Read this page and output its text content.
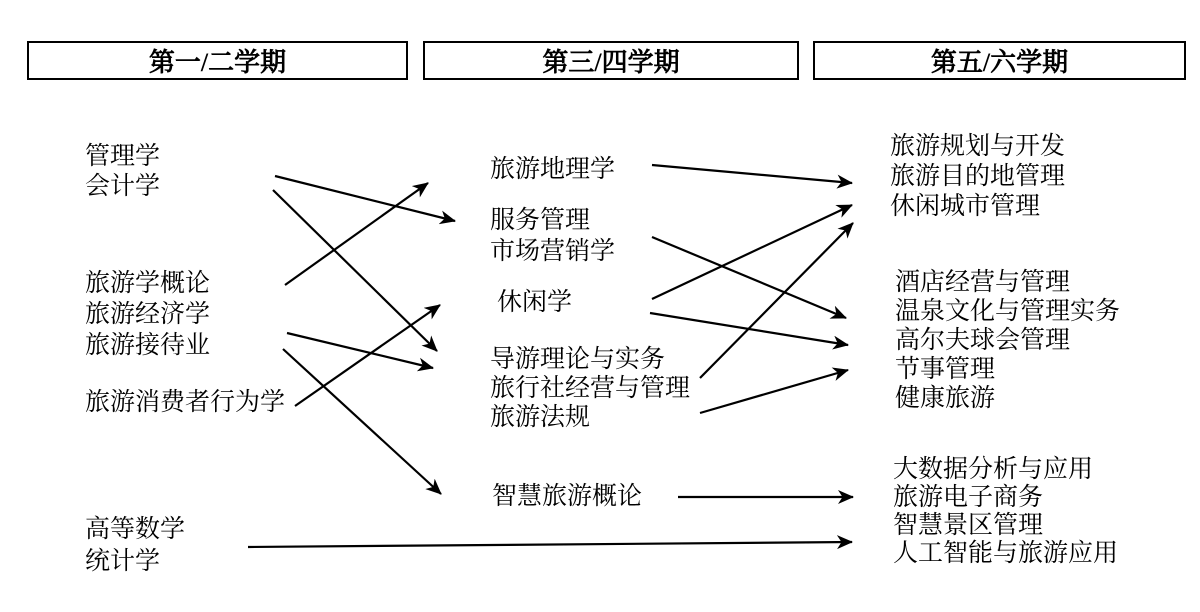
第一/二学期	第三/四学期	第五/六学期
管理学
会计学
旅游学概论
旅游经济学
旅游接待业
旅游消费者行为学
高等数学
统计学
旅游地理学
服务管理
市场营销学
休闲学
导游理论与实务
旅行社经营与管理
旅游法规
智慧旅游概论
旅游规划与开发
旅游目的地管理
休闲城市管理
酒店经营与管理
温泉文化与管理实务
高尔夫球会管理
节事管理
健康旅游
大数据分析与应用
旅游电子商务
智慧景区管理
人工智能与旅游应用
